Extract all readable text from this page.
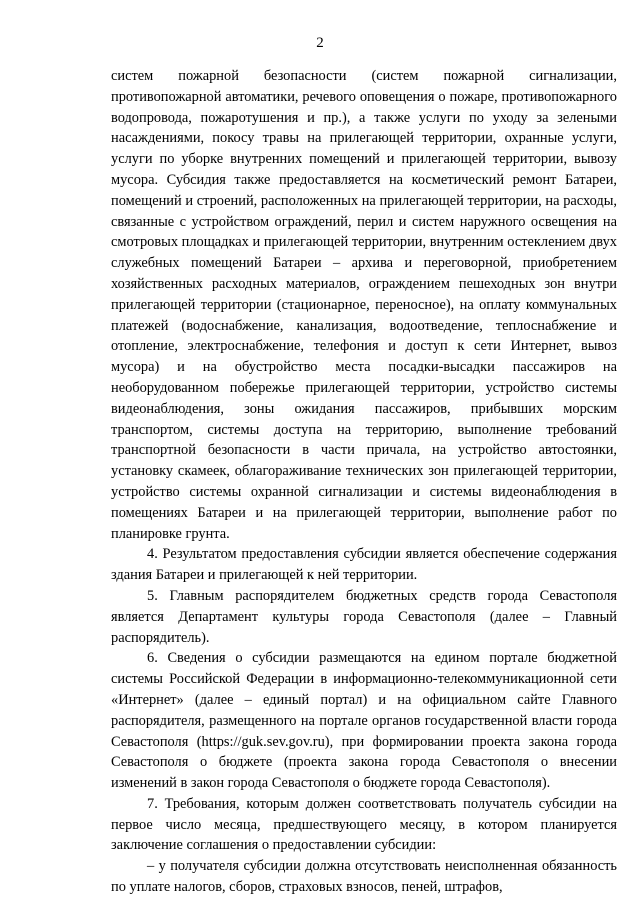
2

систем пожарной безопасности (систем пожарной сигнализации, противопожарной автоматики, речевого оповещения о пожаре, противопожарного водопровода, пожаротушения и пр.), а также услуги по уходу за зелеными насаждениями, покосу травы на прилегающей территории, охранные услуги, услуги по уборке внутренних помещений и прилегающей территории, вывозу мусора. Субсидия также предоставляется на косметический ремонт Батареи, помещений и строений, расположенных на прилегающей территории, на расходы, связанные с устройством ограждений, перил и систем наружного освещения на смотровых площадках и прилегающей территории, внутренним остеклением двух служебных помещений Батареи – архива и переговорной, приобретением хозяйственных расходных материалов, ограждением пешеходных зон внутри прилегающей территории (стационарное, переносное), на оплату коммунальных платежей (водоснабжение, канализация, водоотведение, теплоснабжение и отопление, электроснабжение, телефония и доступ к сети Интернет, вывоз мусора) и на обустройство места посадки-высадки пассажиров на необорудованном побережье прилегающей территории, устройство системы видеонаблюдения, зоны ожидания пассажиров, прибывших морским транспортом, системы доступа на территорию, выполнение требований транспортной безопасности в части причала, на устройство автостоянки, установку скамеек, облагораживание технических зон прилегающей территории, устройство системы охранной сигнализации и системы видеонаблюдения в помещениях Батареи и на прилегающей территории, выполнение работ по планировке грунта.

4. Результатом предоставления субсидии является обеспечение содержания здания Батареи и прилегающей к ней территории.

5. Главным распорядителем бюджетных средств города Севастополя является Департамент культуры города Севастополя (далее – Главный распорядитель).

6. Сведения о субсидии размещаются на едином портале бюджетной системы Российской Федерации в информационно-телекоммуникационной сети «Интернет» (далее – единый портал) и на официальном сайте Главного распорядителя, размещенного на портале органов государственной власти города Севастополя (https://guk.sev.gov.ru), при формировании проекта закона города Севастополя о бюджете (проекта закона города Севастополя о внесении изменений в закон города Севастополя о бюджете города Севастополя).

7. Требования, которым должен соответствовать получатель субсидии на первое число месяца, предшествующего месяцу, в котором планируется заключение соглашения о предоставлении субсидии:

– у получателя субсидии должна отсутствовать неисполненная обязанность по уплате налогов, сборов, страховых взносов, пеней, штрафов,
